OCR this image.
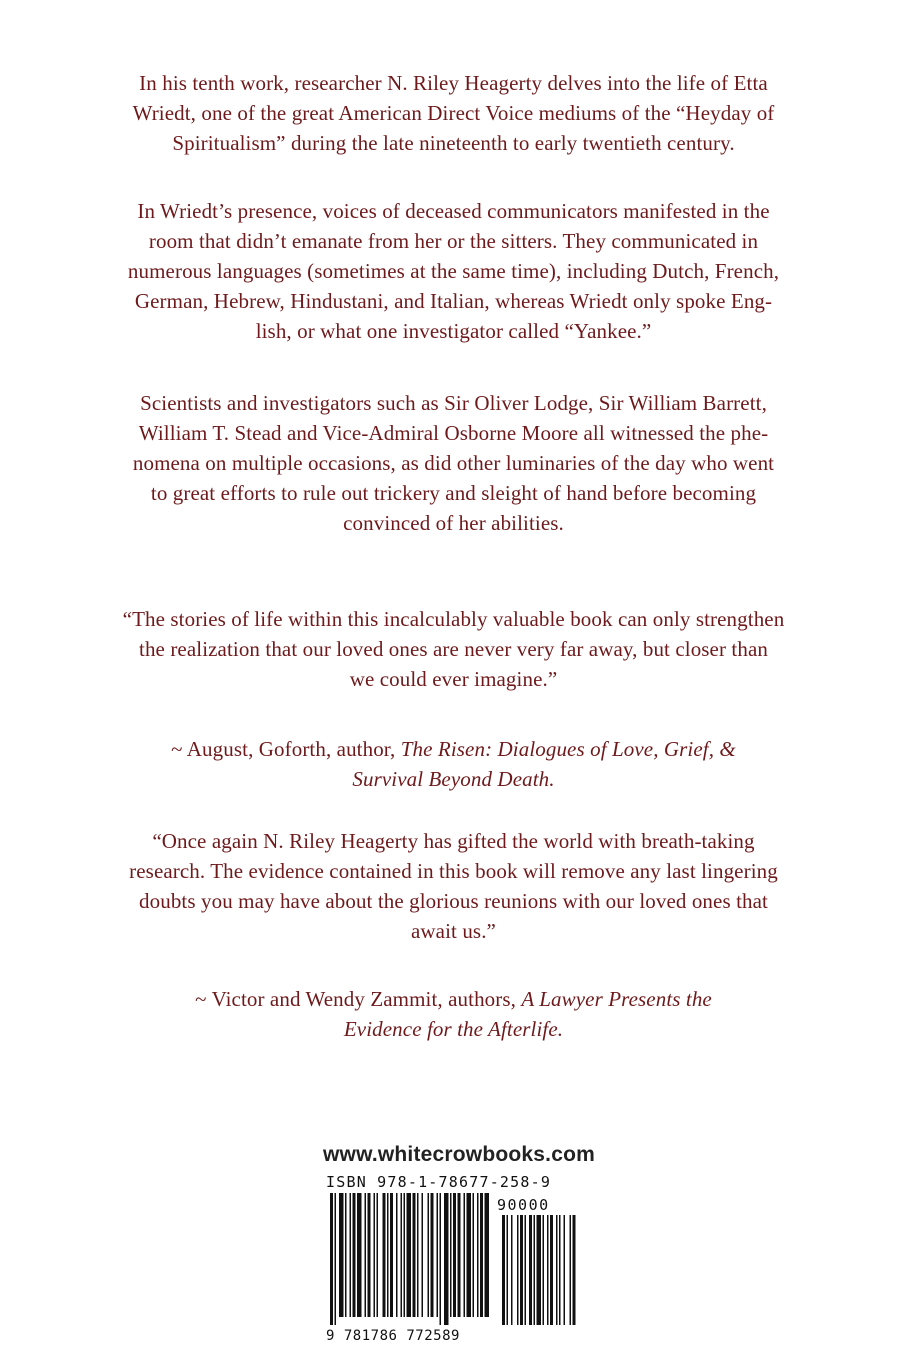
In his tenth work, researcher N. Riley Heagerty delves into the life of Etta
Wriedt, one of the great American Direct Voice mediums of the “Heyday of
Spiritualism” during the late nineteenth to early twentieth century.

In Wriedt’s presence, voices of deceased communicators manifested in the
room that didn’t emanate from her or the sitters. They communicated in
numerous languages (sometimes at the same time), including Dutch, French,
German, Hebrew, Hindustani, and Italian, whereas Wriedt only spoke Eng-
lish, or what one investigator called “Yankee.”

Scientists and investigators such as Sir Oliver Lodge, Sir William Barrett,
William T. Stead and Vice-Admiral Osborne Moore all witnessed the phe-
nomena on multiple occasions, as did other luminaries of the day who went
to great efforts to rule out trickery and sleight of hand before becoming
convinced of her abilities.

“The stories of life within this incalculably valuable book can only strengthen
the realization that our loved ones are never very far away, but closer than
we could ever imagine.”

~ August, Goforth, author, The Risen: Dialogues of Love, Grief, &
Survival Beyond Death.

“Once again N. Riley Heagerty has gifted the world with breath-taking
research. The evidence contained in this book will remove any last lingering
doubts you may have about the glorious reunions with our loved ones that
await us.”

~ Victor and Wendy Zammit, authors, A Lawyer Presents the
Evidence for the Afterlife.

www.whitecrowbooks.com
ISBN 978-1-78677-258-9
90000
9 781786 772589
